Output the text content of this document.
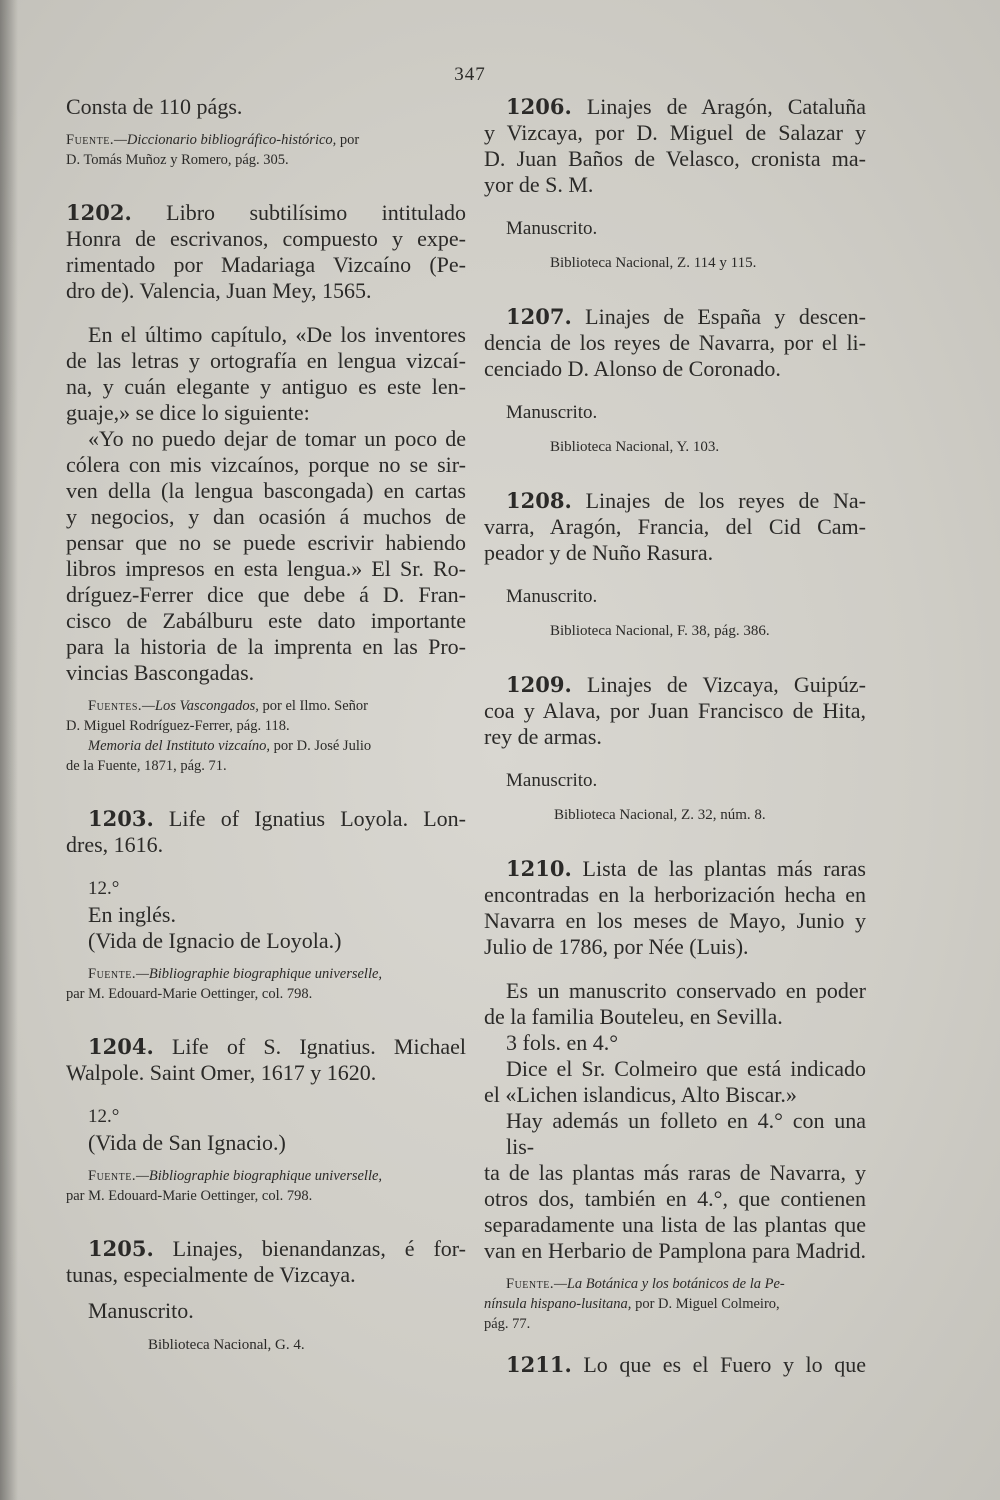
347
Consta de 110 págs.
Fuente.—Diccionario bibliográfico-histórico, por
D. Tomás Muñoz y Romero, pág. 305.
1202. Libro subtilísimo intitulado
Honra de escrivanos, compuesto y expe-
rimentado por Madariaga Vizcaíno (Pe-
dro de). Valencia, Juan Mey, 1565.
En el último capítulo, «De los inventores
de las letras y ortografía en lengua vizcaí-
na, y cuán elegante y antiguo es este len-
guaje,» se dice lo siguiente:
«Yo no puedo dejar de tomar un poco de
cólera con mis vizcaínos, porque no se sir-
ven della (la lengua bascongada) en cartas
y negocios, y dan ocasión á muchos de
pensar que no se puede escrivir habiendo
libros impresos en esta lengua.» El Sr. Ro-
dríguez-Ferrer dice que debe á D. Fran-
cisco de Zabálburu este dato importante
para la historia de la imprenta en las Pro-
vincias Bascongadas.
Fuentes.—Los Vascongados, por el Ilmo. Señor
D. Miguel Rodríguez-Ferrer, pág. 118.
Memoria del Instituto vizcaíno, por D. José Julio
de la Fuente, 1871, pág. 71.
1203. Life of Ignatius Loyola. Lon-
dres, 1616.
12.°
En inglés.
(Vida de Ignacio de Loyola.)
Fuente.—Bibliographie biographique universelle,
par M. Edouard-Marie Oettinger, col. 798.
1204. Life of S. Ignatius. Michael
Walpole. Saint Omer, 1617 y 1620.
12.°
(Vida de San Ignacio.)
Fuente.—Bibliographie biographique universelle,
par M. Edouard-Marie Oettinger, col. 798.
1205. Linajes, bienandanzas, é for-
tunas, especialmente de Vizcaya.
Manuscrito.
Biblioteca Nacional, G. 4.
1206. Linajes de Aragón, Cataluña
y Vizcaya, por D. Miguel de Salazar y
D. Juan Baños de Velasco, cronista ma-
yor de S. M.
Manuscrito.
Biblioteca Nacional, Z. 114 y 115.
1207. Linajes de España y descen-
dencia de los reyes de Navarra, por el li-
cenciado D. Alonso de Coronado.
Manuscrito.
Biblioteca Nacional, Y. 103.
1208. Linajes de los reyes de Na-
varra, Aragón, Francia, del Cid Cam-
peador y de Nuño Rasura.
Manuscrito.
Biblioteca Nacional, F. 38, pág. 386.
1209. Linajes de Vizcaya, Guipúz-
coa y Alava, por Juan Francisco de Hita,
rey de armas.
Manuscrito.
Biblioteca Nacional, Z. 32, núm. 8.
1210. Lista de las plantas más raras
encontradas en la herborización hecha en
Navarra en los meses de Mayo, Junio y
Julio de 1786, por Née (Luis).
Es un manuscrito conservado en poder
de la familia Bouteleu, en Sevilla.
3 fols. en 4.°
Dice el Sr. Colmeiro que está indicado
el «Lichen islandicus, Alto Biscar.»
Hay además un folleto en 4.° con una lis-
ta de las plantas más raras de Navarra, y
otros dos, también en 4.°, que contienen
separadamente una lista de las plantas que
van en Herbario de Pamplona para Madrid.
Fuente.—La Botánica y los botánicos de la Pe-
nínsula hispano-lusitana, por D. Miguel Colmeiro,
pág. 77.
1211. Lo que es el Fuero y lo que
